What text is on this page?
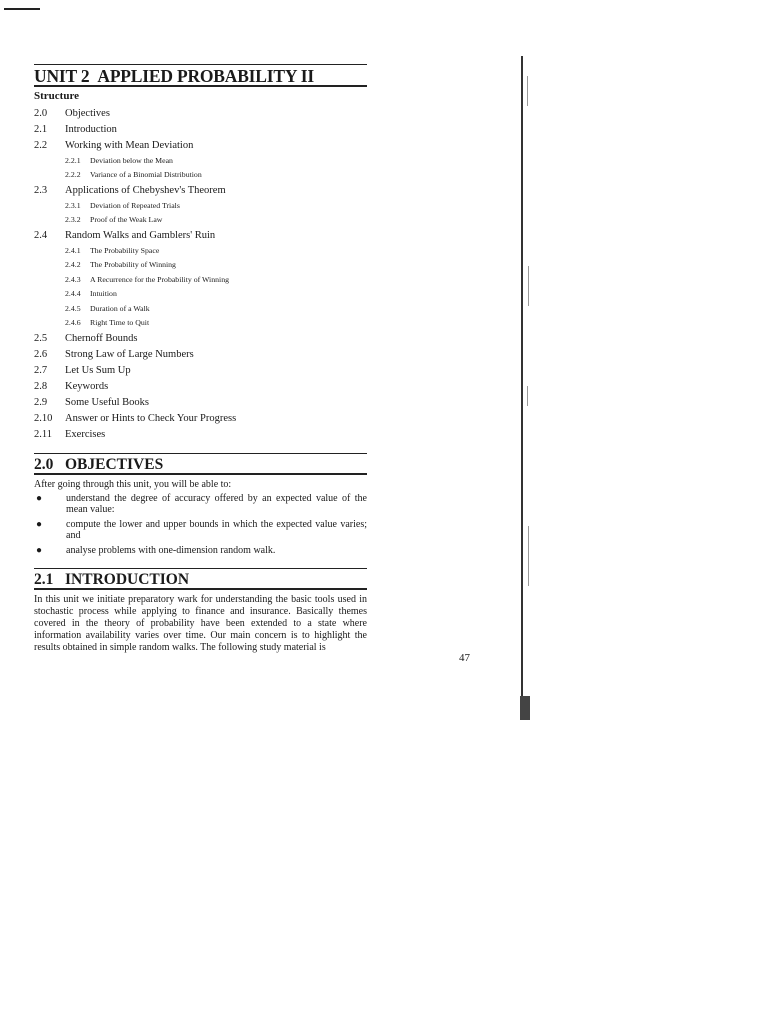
UNIT 2 APPLIED PROBABILITY II
Structure
2.0	Objectives
2.1	Introduction
2.2	Working with Mean Deviation
2.2.1	Deviation below the Mean
2.2.2	Variance of a Binomial Distribution
2.3	Applications of Chebyshev's Theorem
2.3.1	Deviation of Repeated Trials
2.3.2	Proof of the Weak Law
2.4	Random Walks and Gamblers' Ruin
2.4.1	The Probability Space
2.4.2	The Probability of Winning
2.4.3	A Recurrence for the Probability of Winning
2.4.4	Intuition
2.4.5	Duration of a Walk
2.4.6	Right Time to Quit
2.5	Chernoff Bounds
2.6	Strong Law of Large Numbers
2.7	Let Us Sum Up
2.8	Keywords
2.9	Some Useful Books
2.10	Answer or Hints to Check Your Progress
2.11	Exercises
2.0 OBJECTIVES
After going through this unit, you will be able to:
●	understand the degree of accuracy offered by an expected value of the mean value:
●	compute the lower and upper bounds in which the expected value varies; and
●	analyse problems with one-dimension random walk.
2.1 INTRODUCTION
In this unit we initiate preparatory wark for understanding the basic tools used in stochastic process while applying to finance and insurance. Basically themes covered in the theory of probability have been extended to a state where information availability varies over time. Our main concern is to highlight the results obtained in simple random walks. The following study material is
47
